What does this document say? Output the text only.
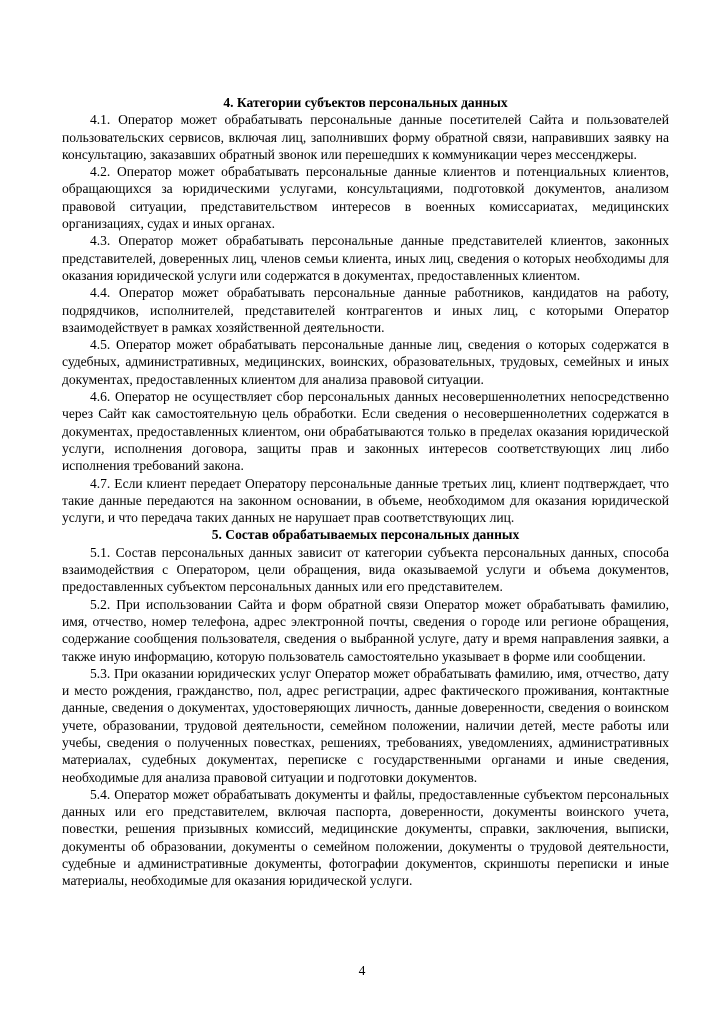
4. Категории субъектов персональных данных

4.1. Оператор может обрабатывать персональные данные посетителей Сайта и пользователей пользовательских сервисов, включая лиц, заполнивших форму обратной связи, направивших заявку на консультацию, заказавших обратный звонок или перешедших к коммуникации через мессенджеры.

4.2. Оператор может обрабатывать персональные данные клиентов и потенциальных клиентов, обращающихся за юридическими услугами, консультациями, подготовкой документов, анализом правовой ситуации, представительством интересов в военных комиссариатах, медицинских организациях, судах и иных органах.

4.3. Оператор может обрабатывать персональные данные представителей клиентов, законных представителей, доверенных лиц, членов семьи клиента, иных лиц, сведения о которых необходимы для оказания юридической услуги или содержатся в документах, предоставленных клиентом.

4.4. Оператор может обрабатывать персональные данные работников, кандидатов на работу, подрядчиков, исполнителей, представителей контрагентов и иных лиц, с которыми Оператор взаимодействует в рамках хозяйственной деятельности.

4.5. Оператор может обрабатывать персональные данные лиц, сведения о которых содержатся в судебных, административных, медицинских, воинских, образовательных, трудовых, семейных и иных документах, предоставленных клиентом для анализа правовой ситуации.

4.6. Оператор не осуществляет сбор персональных данных несовершеннолетних непосредственно через Сайт как самостоятельную цель обработки. Если сведения о несовершеннолетних содержатся в документах, предоставленных клиентом, они обрабатываются только в пределах оказания юридической услуги, исполнения договора, защиты прав и законных интересов соответствующих лиц либо исполнения требований закона.

4.7. Если клиент передает Оператору персональные данные третьих лиц, клиент подтверждает, что такие данные передаются на законном основании, в объеме, необходимом для оказания юридической услуги, и что передача таких данных не нарушает прав соответствующих лиц.

5. Состав обрабатываемых персональных данных

5.1. Состав персональных данных зависит от категории субъекта персональных данных, способа взаимодействия с Оператором, цели обращения, вида оказываемой услуги и объема документов, предоставленных субъектом персональных данных или его представителем.

5.2. При использовании Сайта и форм обратной связи Оператор может обрабатывать фамилию, имя, отчество, номер телефона, адрес электронной почты, сведения о городе или регионе обращения, содержание сообщения пользователя, сведения о выбранной услуге, дату и время направления заявки, а также иную информацию, которую пользователь самостоятельно указывает в форме или сообщении.

5.3. При оказании юридических услуг Оператор может обрабатывать фамилию, имя, отчество, дату и место рождения, гражданство, пол, адрес регистрации, адрес фактического проживания, контактные данные, сведения о документах, удостоверяющих личность, данные доверенности, сведения о воинском учете, образовании, трудовой деятельности, семейном положении, наличии детей, месте работы или учебы, сведения о полученных повестках, решениях, требованиях, уведомлениях, административных материалах, судебных документах, переписке с государственными органами и иные сведения, необходимые для анализа правовой ситуации и подготовки документов.

5.4. Оператор может обрабатывать документы и файлы, предоставленные субъектом персональных данных или его представителем, включая паспорта, доверенности, документы воинского учета, повестки, решения призывных комиссий, медицинские документы, справки, заключения, выписки, документы об образовании, документы о семейном положении, документы о трудовой деятельности, судебные и административные документы, фотографии документов, скриншоты переписки и иные материалы, необходимые для оказания юридической услуги.

4
